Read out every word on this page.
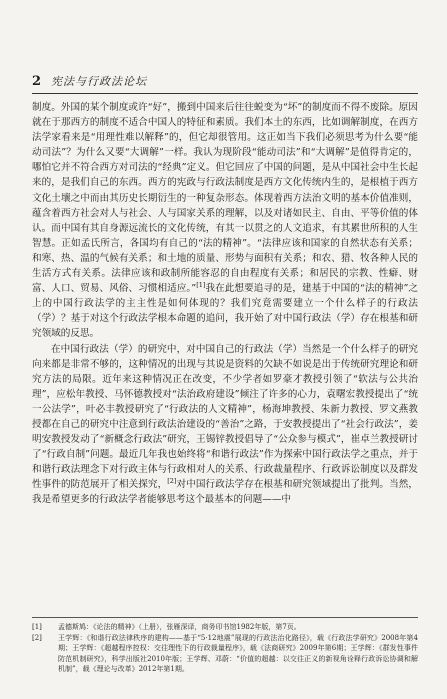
2 宪法与行政法论坛

制度。外国的某个制度或许“好”，搬到中国来后往往蜕变为“坏”的制度而不得不废除。原因就在于那西方的制度不适合中国人的特征和素质。我们本土的东西，比如调解制度，在西方法学家看来是“用理性难以解释”的，但它却很管用。这正如当下我们必须思考为什么要“能动司法”？为什么又要“大调解”一样。我认为现阶段“能动司法”和“大调解”是值得肯定的，哪怕它并不符合西方对司法的“经典”定义。但它回应了中国的问题，是从中国社会中生长起来的，是我们自己的东西。西方的宪政与行政法制度是西方文化传统内生的，是根植于西方文化土壤之中而由其历史长期衍生的一种复杂形态。体现着西方法治文明的基本价值准则，蕴含着西方社会对人与社会、人与国家关系的理解，以及对诸如民主、自由、平等价值的体认。而中国有其自身源远流长的文化传统，有其一以贯之的人文追求，有其累世所积的人生智慧。正如孟氏所言，各国均有自己的“法的精神”。“法律应该和国家的自然状态有关系；和寒、热、温的气候有关系；和土地的质量、形势与面积有关系；和农、猎、牧各种人民的生活方式有关系。法律应该和政制所能容忍的自由程度有关系；和居民的宗教、性癖、财富、人口、贸易、风俗、习惯相适应。”[1]我在此想要追寻的是，建基于中国的“法的精神”之上的中国行政法学的主主性是如何体现的？我们究竟需要建立一个什么样子的行政法（学）？基于对这个行政法学根本命题的追问，我开始了对中国行政法（学）存在根基和研究领域的反思。

在中国行政法（学）的研究中，对中国自己的行政法（学）当然是一个什么样子的研究向来都是非常不够的，这种情况的出现与其说是资料的欠缺不如说是出于传统研究理论和研究方法的局限。近年来这种情况正在改变，不少学者如罗豪才教授引领了“软法与公共治理”，应松年教授、马怀德教授对“法治政府建设”倾注了许多的心力，袁曙宏教授提出了“统一公法学”，叶必丰教授研究了“行政法的人文精神”，杨海坤教授、朱新力教授、罗文燕教授都在自己的研究中注意到行政法治建设的“善治”之路，于安教授提出了“社会行政法”，姜明安教授发动了“新概念行政法”研究，王锡锌教授倡导了“公众参与模式”，崔卓兰教授研讨了“行政自制”问题。最近几年我也始终将“和谐行政法”作为探索中国行政法学之重点，并于和谐行政法理念下对行政主体与行政相对人的关系、行政裁量程序、行政诉讼制度以及群发性事件的防范展开了相关探究，[2]对中国行政法学存在根基和研究领域提出了批判。当然，我是希望更多的行政法学者能够思考这个最基本的问题——中

[1]	孟德斯鸠：《论法的精神》（上册），张雁深译，商务印书馆1982年版，第7页。
[2]	王学辉：《和谐行政法律秩序的建构——基于“5·12地震”展现的行政法治化路径》，载《行政法学研究》2008年第4期；王学辉：《超越程序控权：交往理性下的行政裁量程序》，载《法商研究》2009年第6期；王学辉：《群发性事件防范机制研究》，科学出版社2010年版；王学辉、邓蔚：“价值的超越：以交往正义的新视角诠释行政诉讼协调和解机制”，载《理论与改革》2012年第1期。
